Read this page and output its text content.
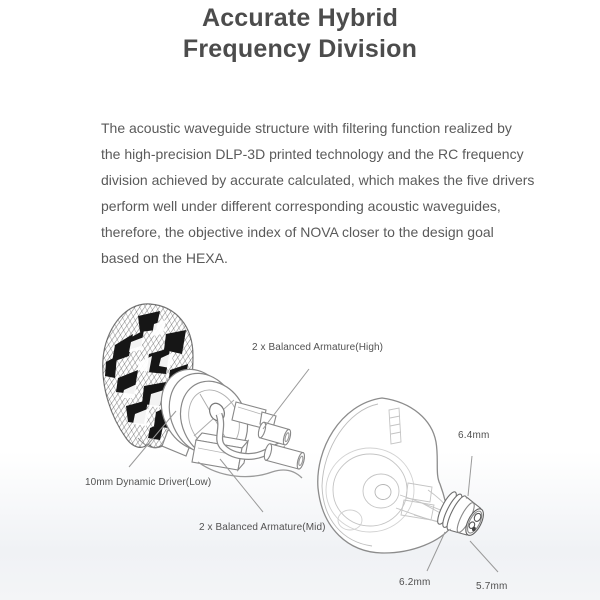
Accurate Hybrid
Frequency Division
The acoustic waveguide structure with filtering function realized by
the high-precision DLP-3D printed technology and the RC frequency
division achieved by accurate calculated, which makes the five drivers
perform well under different corresponding acoustic waveguides,
therefore, the objective index of NOVA closer to the design goal
based on the HEXA.
2 x Balanced Armature(High)
10mm Dynamic Driver(Low)
2 x Balanced Armature(Mid)
6.4mm
6.2mm	5.7mm
